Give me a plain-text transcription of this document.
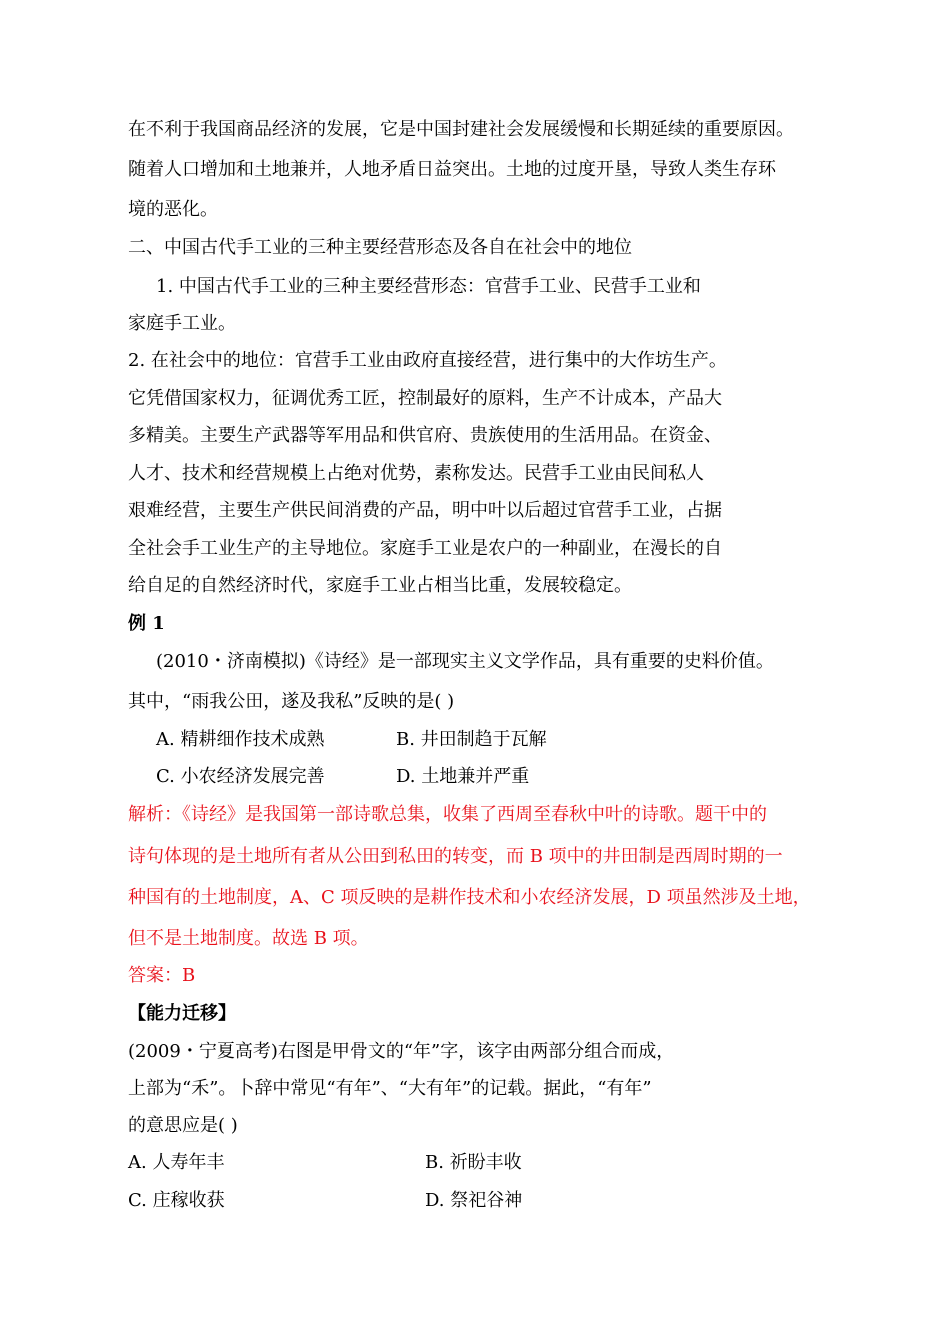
在不利于我国商品经济的发展，它是中国封建社会发展缓慢和长期延续的重要原因。
随着人口增加和土地兼并，人地矛盾日益突出。土地的过度开垦，导致人类生存环
境的恶化。
二、中国古代手工业的三种主要经营形态及各自在社会中的地位
1. 中国古代手工业的三种主要经营形态：官营手工业、民营手工业和
家庭手工业。
2. 在社会中的地位：官营手工业由政府直接经营，进行集中的大作坊生产。
它凭借国家权力，征调优秀工匠，控制最好的原料，生产不计成本，产品大
多精美。主要生产武器等军用品和供官府、贵族使用的生活用品。在资金、
人才、技术和经营规模上占绝对优势，素称发达。民营手工业由民间私人
艰难经营，主要生产供民间消费的产品，明中叶以后超过官营手工业，占据
全社会手工业生产的主导地位。家庭手工业是农户的一种副业，在漫长的自
给自足的自然经济时代，家庭手工业占相当比重，发展较稳定。
例 1
(2010・济南模拟)《诗经》是一部现实主义文学作品，具有重要的史料价值。
其中，“雨我公田，遂及我私”反映的是( )
A. 精耕细作技术成熟	B. 井田制趋于瓦解
C. 小农经济发展完善	D. 土地兼并严重
解析：《诗经》是我国第一部诗歌总集，收集了西周至春秋中叶的诗歌。题干中的
诗句体现的是土地所有者从公田到私田的转变，而 B 项中的井田制是西周时期的一
种国有的土地制度，A、C 项反映的是耕作技术和小农经济发展，D 项虽然涉及土地，
但不是土地制度。故选 B 项。
答案：B
【能力迁移】
(2009・宁夏高考)右图是甲骨文的“年”字，该字由两部分组合而成，
上部为“禾”。卜辞中常见“有年”、“大有年”的记载。据此，“有年”
的意思应是( )
A. 人寿年丰	B. 祈盼丰收
C. 庄稼收获	D. 祭祀谷神
